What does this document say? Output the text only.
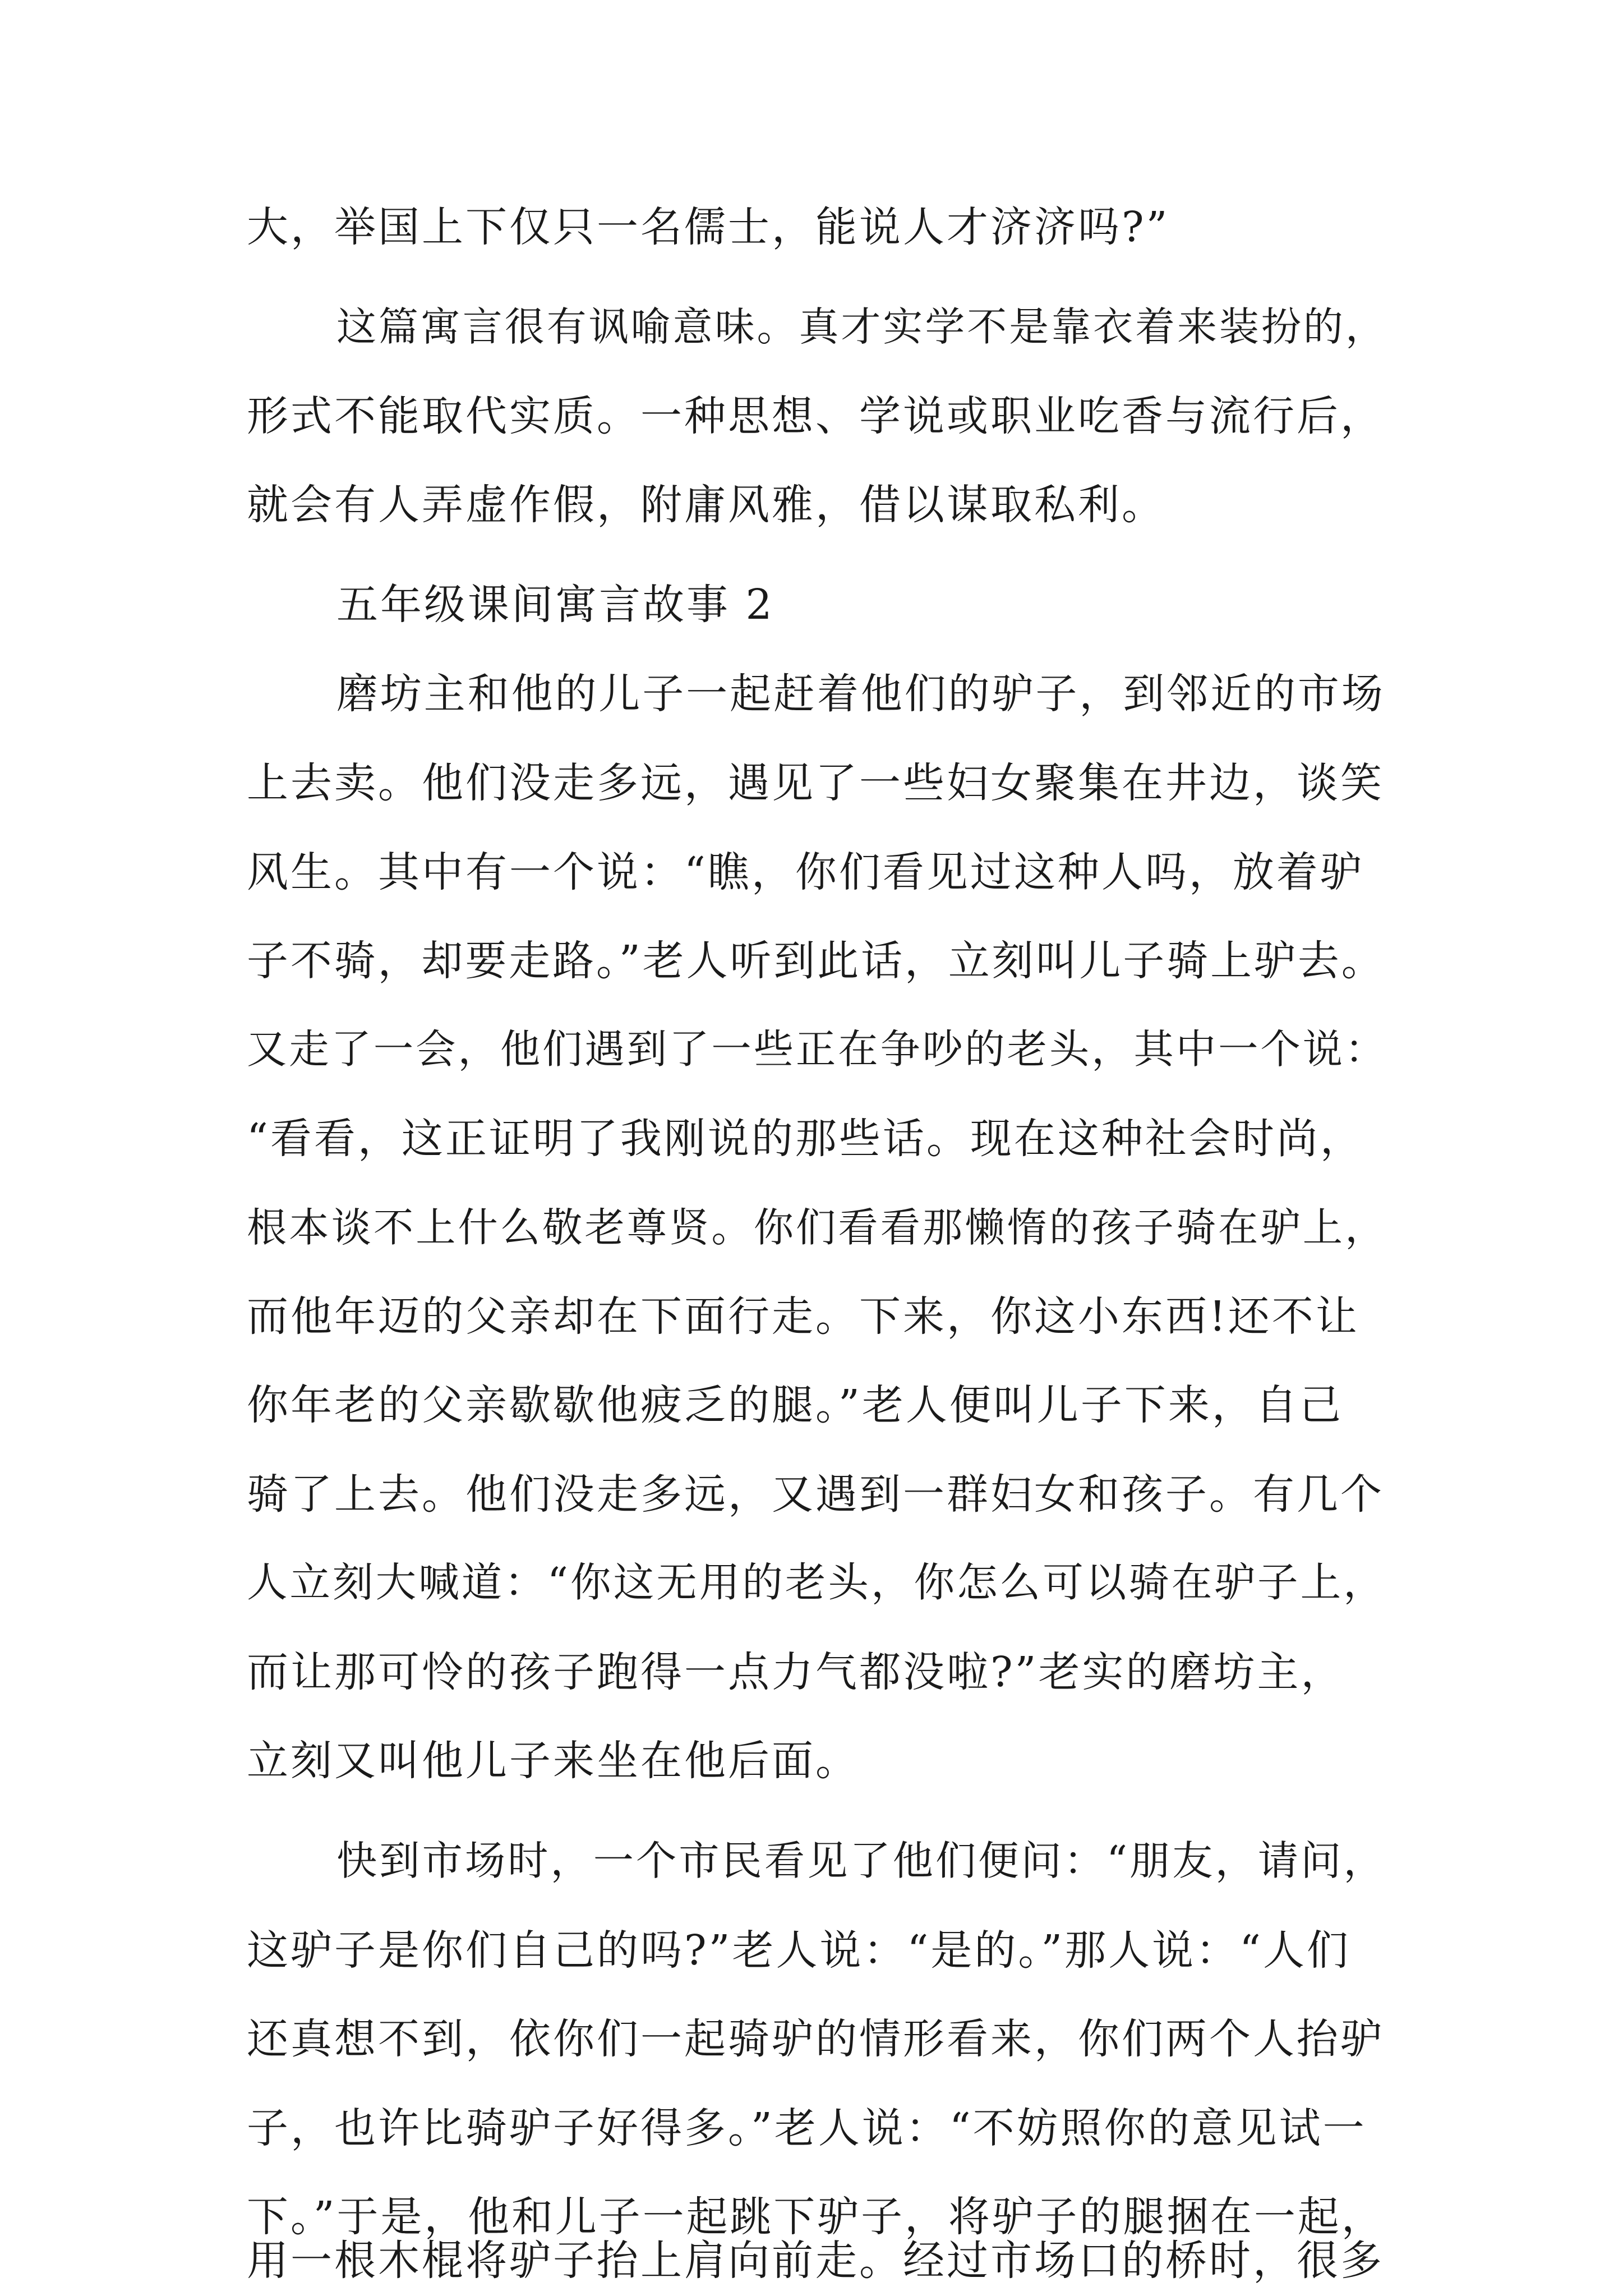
大，举国上下仅只一名儒士，能说人才济济吗?”
这篇寓言很有讽喻意味。真才实学不是靠衣着来装扮的，
形式不能取代实质。一种思想、学说或职业吃香与流行后，
就会有人弄虚作假，附庸风雅，借以谋取私利。
五年级课间寓言故事 2
磨坊主和他的儿子一起赶着他们的驴子，到邻近的市场
上去卖。他们没走多远，遇见了一些妇女聚集在井边，谈笑
风生。其中有一个说：“瞧，你们看见过这种人吗，放着驴
子不骑，却要走路。”老人听到此话，立刻叫儿子骑上驴去。
又走了一会，他们遇到了一些正在争吵的老头，其中一个说：
“看看，这正证明了我刚说的那些话。现在这种社会时尚，
根本谈不上什么敬老尊贤。你们看看那懒惰的孩子骑在驴上，
而他年迈的父亲却在下面行走。下来，你这小东西!还不让
你年老的父亲歇歇他疲乏的腿。”老人便叫儿子下来，自己
骑了上去。他们没走多远，又遇到一群妇女和孩子。有几个
人立刻大喊道：“你这无用的老头，你怎么可以骑在驴子上，
而让那可怜的孩子跑得一点力气都没啦?”老实的磨坊主，
立刻又叫他儿子来坐在他后面。
快到市场时，一个市民看见了他们便问：“朋友，请问，
这驴子是你们自己的吗?”老人说：“是的。”那人说：“人们
还真想不到，依你们一起骑驴的情形看来，你们两个人抬驴
子，也许比骑驴子好得多。”老人说：“不妨照你的意见试一
下。”于是，他和儿子一起跳下驴子，将驴子的腿捆在一起，
用一根木棍将驴子抬上肩向前走。经过市场口的桥时，很多
